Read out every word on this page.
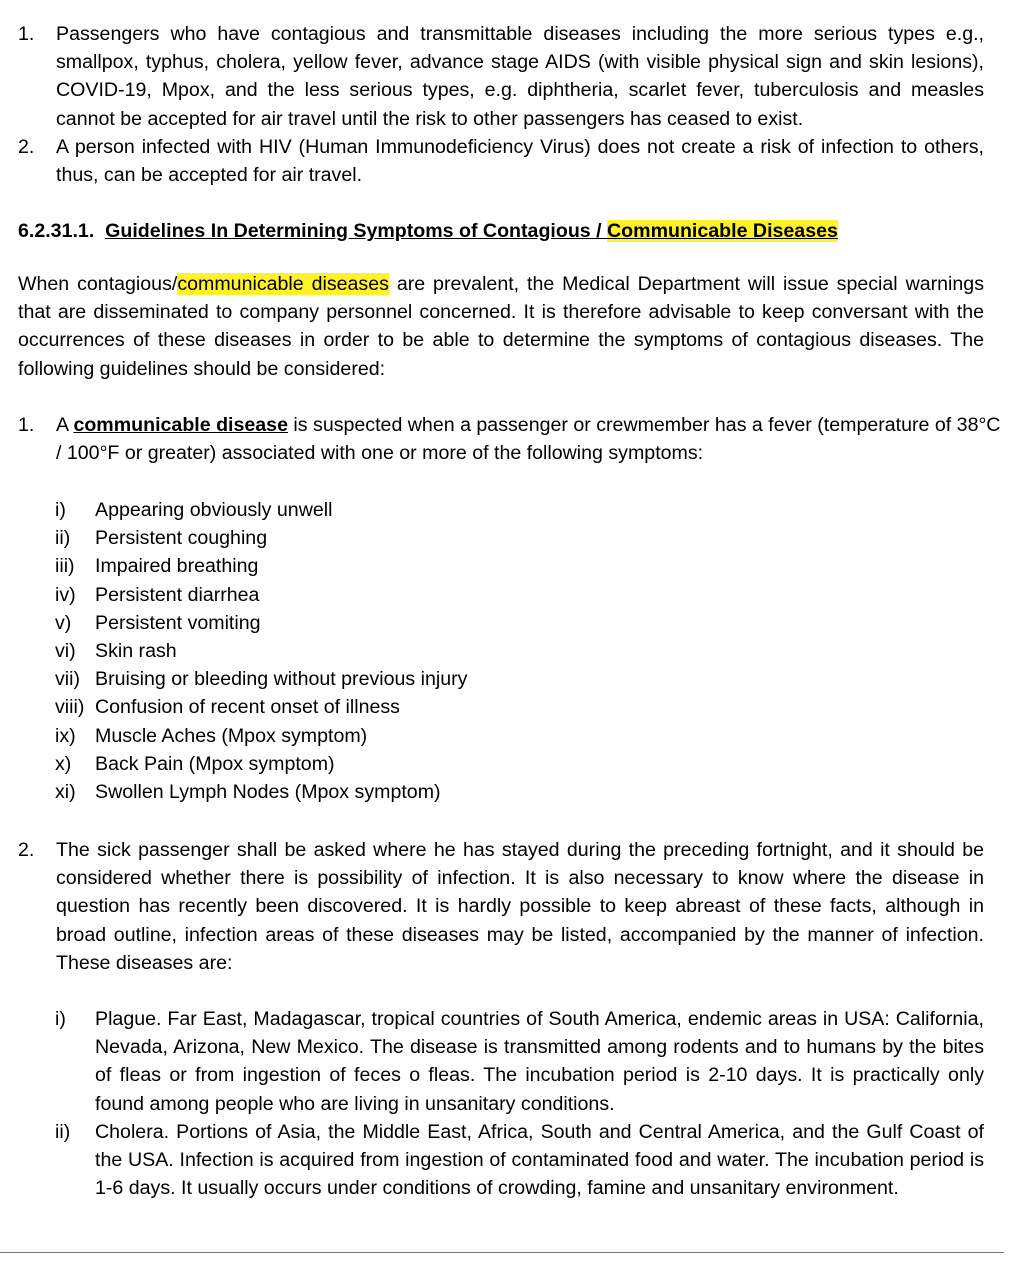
1.	Passengers who have contagious and transmittable diseases including the more serious types e.g., smallpox, typhus, cholera, yellow fever, advance stage AIDS (with visible physical sign and skin lesions), COVID-19, Mpox, and the less serious types, e.g. diphtheria, scarlet fever, tuberculosis and measles cannot be accepted for air travel until the risk to other passengers has ceased to exist.
2.	A person infected with HIV (Human Immunodeficiency Virus) does not create a risk of infection to others, thus, can be accepted for air travel.
6.2.31.1. Guidelines In Determining Symptoms of Contagious / Communicable Diseases
When contagious/communicable diseases are prevalent, the Medical Department will issue special warnings that are disseminated to company personnel concerned. It is therefore advisable to keep conversant with the occurrences of these diseases in order to be able to determine the symptoms of contagious diseases. The following guidelines should be considered:
1.	A communicable disease is suspected when a passenger or crewmember has a fever (temperature of 38°C / 100°F or greater) associated with one or more of the following symptoms:
i)	Appearing obviously unwell
ii)	Persistent coughing
iii)	Impaired breathing
iv) Persistent diarrhea
v)	Persistent vomiting
vi) Skin rash
vii) Bruising or bleeding without previous injury
viii) Confusion of recent onset of illness
ix) Muscle Aches (Mpox symptom)
x)	Back Pain (Mpox symptom)
xi) Swollen Lymph Nodes (Mpox symptom)
2.	The sick passenger shall be asked where he has stayed during the preceding fortnight, and it should be considered whether there is possibility of infection. It is also necessary to know where the disease in question has recently been discovered. It is hardly possible to keep abreast of these facts, although in broad outline, infection areas of these diseases may be listed, accompanied by the manner of infection. These diseases are:
i)	Plague. Far East, Madagascar, tropical countries of South America, endemic areas in USA: California, Nevada, Arizona, New Mexico. The disease is transmitted among rodents and to humans by the bites of fleas or from ingestion of feces o fleas. The incubation period is 2-10 days. It is practically only found among people who are living in unsanitary conditions.
ii)	Cholera. Portions of Asia, the Middle East, Africa, South and Central America, and the Gulf Coast of the USA. Infection is acquired from ingestion of contaminated food and water. The incubation period is 1-6 days. It usually occurs under conditions of crowding, famine and unsanitary environment.
